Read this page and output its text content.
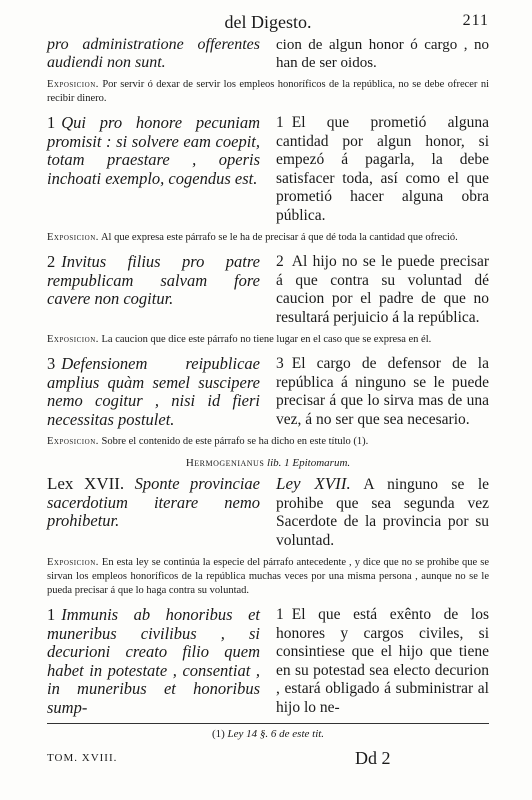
del Digesto.	211
pro administratione offerentes audiendi non sunt.
cion de algun honor ó cargo , no han de ser oidos.
Exposicion. Por servir ó dexar de servir los empleos honoríficos de la república, no se debe ofrecer ni recibir dinero.
1 Qui pro honore pecuniam promisit : si solvere eam coepit, totam praestare , operis inchoati exemplo, cogendus est.
1 El que prometió alguna cantidad por algun honor, si empezó á pagarla, la debe satisfacer toda, así como el que prometió hacer alguna obra pública.
Exposicion. Al que expresa este párrafo se le ha de precisar á que dé toda la cantidad que ofreció.
2 Invitus filius pro patre rempublicam salvam fore cavere non cogitur.
2 Al hijo no se le puede precisar á que contra su voluntad dé caucion por el padre de que no resultará perjuicio á la república.
Exposicion. La caucion que dice este párrafo no tiene lugar en el caso que se expresa en él.
3 Defensionem reipublicae amplius quàm semel suscipere nemo cogitur , nisi id fieri necessitas postulet.
3 El cargo de defensor de la república á ninguno se le puede precisar á que lo sirva mas de una vez, á no ser que sea necesario.
Exposicion. Sobre el contenido de este párrafo se ha dicho en este título (1).
Hermogenianus lib. 1 Epitomarum.
Lex XVII. Sponte provinciae sacerdotium iterare nemo prohibetur.
Ley XVII. A ninguno se le prohibe que sea segunda vez Sacerdote de la provincia por su voluntad.
Exposicion. En esta ley se continúa la especie del párrafo antecedente , y dice que no se prohibe que se sirvan los empleos honoríficos de la república muchas veces por una misma persona , aunque no se le pueda precisar á que lo haga contra su voluntad.
1 Immunis ab honoribus et muneribus civilibus , si decurioni creato filio quem habet in potestate , consentiat , in muneribus et honoribus sump-
1 El que está exênto de los honores y cargos civiles, si consintiese que el hijo que tiene en su potestad sea electo decurion , estará obligado á subministrar al hijo lo ne-
(1) Ley 14 §. 6 de este tit.
TOM. XVIII.	Dd 2
